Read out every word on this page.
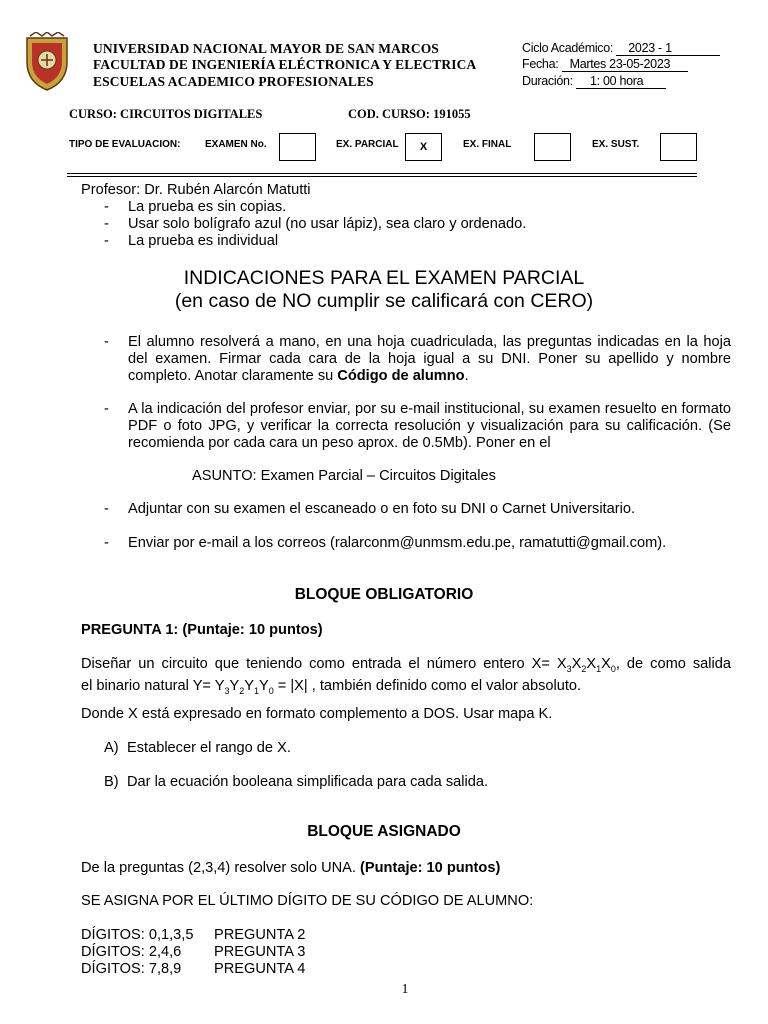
UNIVERSIDAD NACIONAL MAYOR DE SAN MARCOS
FACULTAD DE INGENIERÍA ELÉCTRONICA Y ELECTRICA
ESCUELAS ACADEMICO PROFESIONALES
Ciclo Académico: 2023 - 1
Fecha: Martes 23-05-2023
Duración: 1: 00 hora
CURSO: CIRCUITOS DIGITALES	COD. CURSO: 191055
TIPO DE EVALUACION: EXAMEN No.	EX. PARCIAL	X	EX. FINAL	EX. SUST.
Profesor: Dr. Rubén Alarcón Matutti
- La prueba es sin copias.
- Usar solo bolígrafo azul (no usar lápiz), sea claro y ordenado.
- La prueba es individual
INDICACIONES PARA EL EXAMEN PARCIAL
(en caso de NO cumplir se calificará con CERO)
- El alumno resolverá a mano, en una hoja cuadriculada, las preguntas indicadas en la hoja del examen. Firmar cada cara de la hoja igual a su DNI. Poner su apellido y nombre completo. Anotar claramente su Código de alumno.
- A la indicación del profesor enviar, por su e-mail institucional, su examen resuelto en formato PDF o foto JPG, y verificar la correcta resolución y visualización para su calificación. (Se recomienda por cada cara un peso aprox. de 0.5Mb). Poner en el
ASUNTO: Examen Parcial – Circuitos Digitales
- Adjuntar con su examen el escaneado o en foto su DNI o Carnet Universitario.
- Enviar por e-mail a los correos (ralarconm@unmsm.edu.pe, ramatutti@gmail.com).
BLOQUE OBLIGATORIO
PREGUNTA 1: (Puntaje: 10 puntos)
Diseñar un circuito que teniendo como entrada el número entero $X= X_3X_2X_1X_0$, de como salida
el binario natural $Y= Y_3Y_2Y_1Y_0 = |X|$ , también definido como el valor absoluto.
Donde X está expresado en formato complemento a DOS. Usar mapa K.
A) Establecer el rango de X.
B) Dar la ecuación booleana simplificada para cada salida.
BLOQUE ASIGNADO
De la preguntas (2,3,4) resolver solo UNA. (Puntaje: 10 puntos)
SE ASIGNA POR EL ÚLTIMO DÍGITO DE SU CÓDIGO DE ALUMNO:
DÍGITOS: 0,1,3,5 PREGUNTA 2
DÍGITOS: 2,4,6 PREGUNTA 3
DÍGITOS: 7,8,9 PREGUNTA 4
1
